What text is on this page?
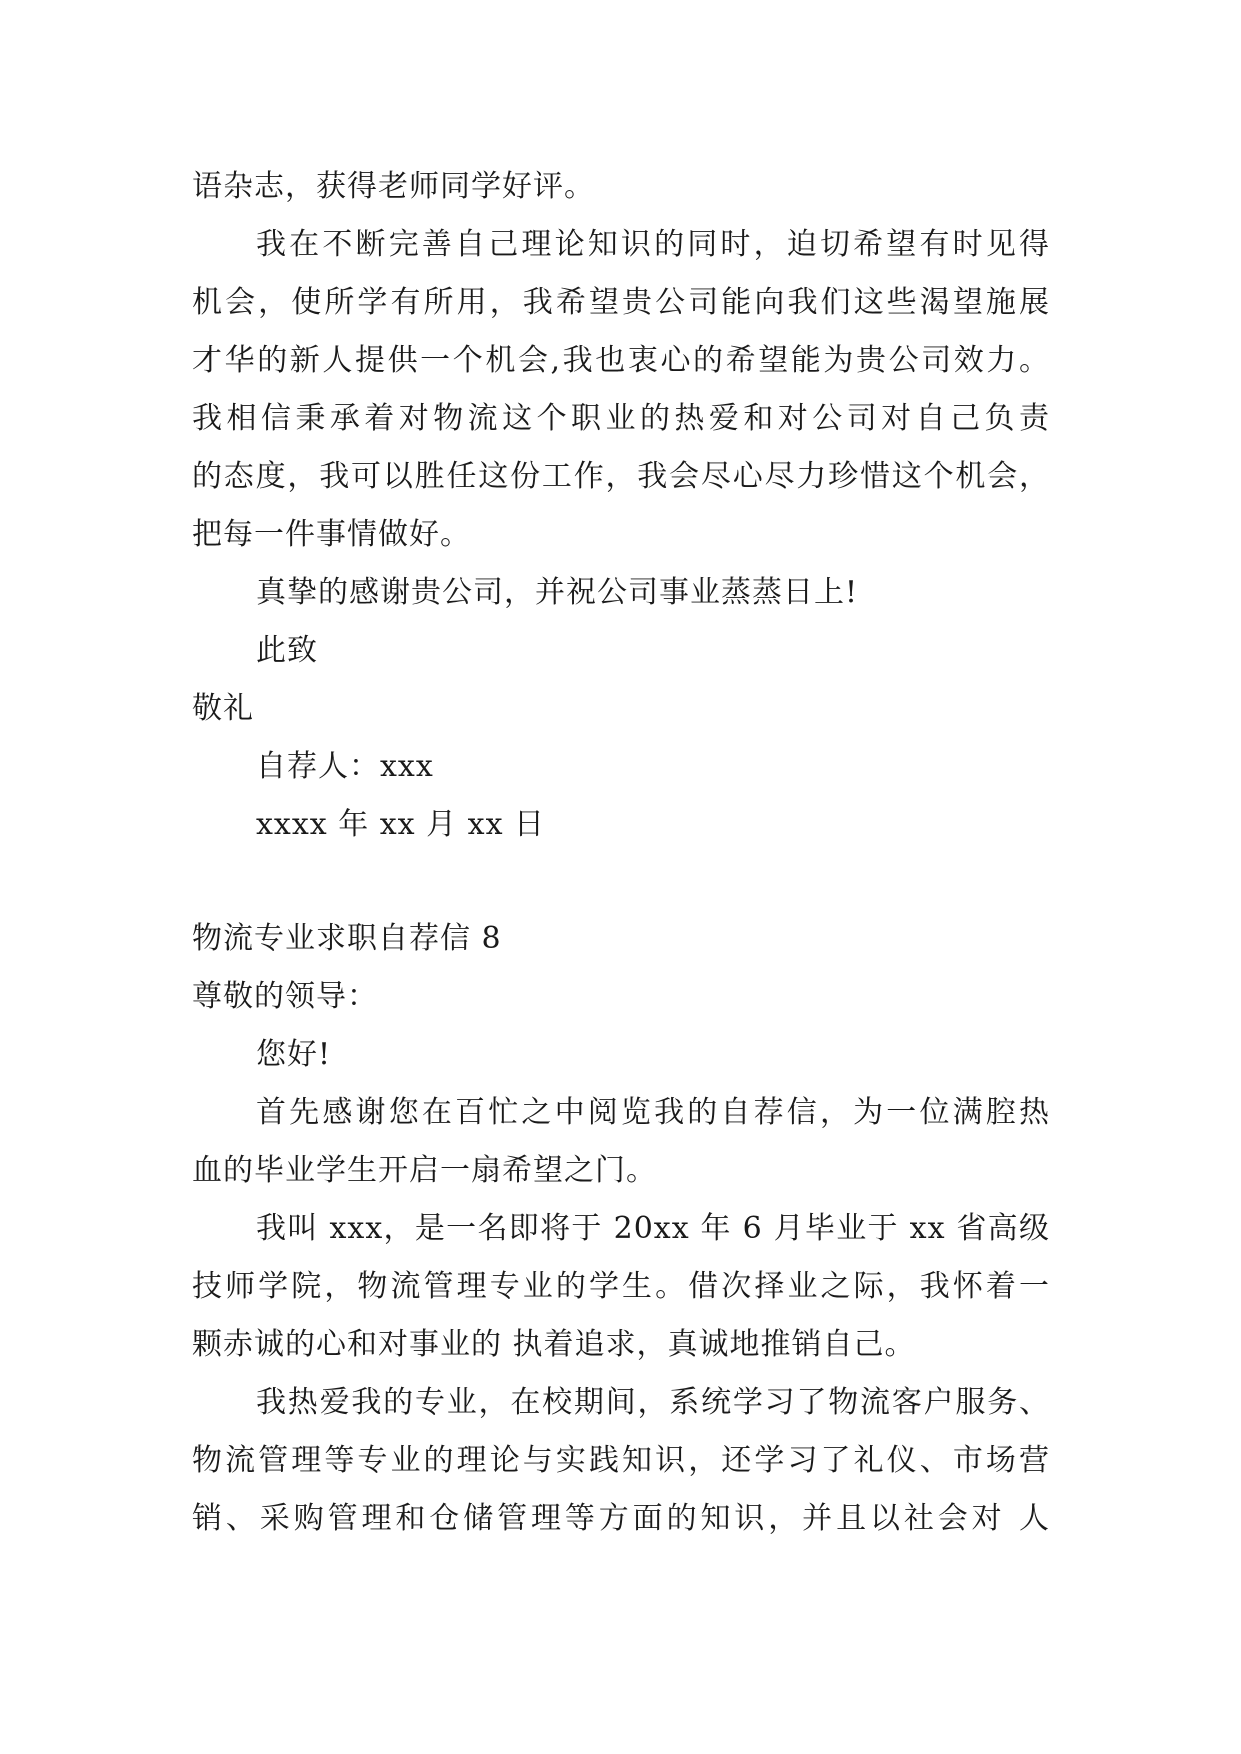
语杂志，获得老师同学好评。

我在不断完善自己理论知识的同时，迫切希望有时见得

机会，使所学有所用，我希望贵公司能向我们这些渴望施展

才华的新人提供一个机会,我也衷心的希望能为贵公司效力。

我相信秉承着对物流这个职业的热爱和对公司对自己负责

的态度，我可以胜任这份工作，我会尽心尽力珍惜这个机会，

把每一件事情做好。

真挚的感谢贵公司，并祝公司事业蒸蒸日上!

此致

敬礼

自荐人：xxx

xxxx 年 xx 月 xx 日

物流专业求职自荐信 8

尊敬的领导：

您好!

首先感谢您在百忙之中阅览我的自荐信，为一位满腔热

血的毕业学生开启一扇希望之门。

我叫 xxx，是一名即将于 20xx 年 6 月毕业于 xx 省高级

技师学院，物流管理专业的学生。借次择业之际，我怀着一

颗赤诚的心和对事业的 执着追求，真诚地推销自己。

我热爱我的专业，在校期间，系统学习了物流客户服务、

物流管理等专业的理论与实践知识，还学习了礼仪、市场营

销、采购管理和仓储管理等方面的知识，并且以社会对 人
